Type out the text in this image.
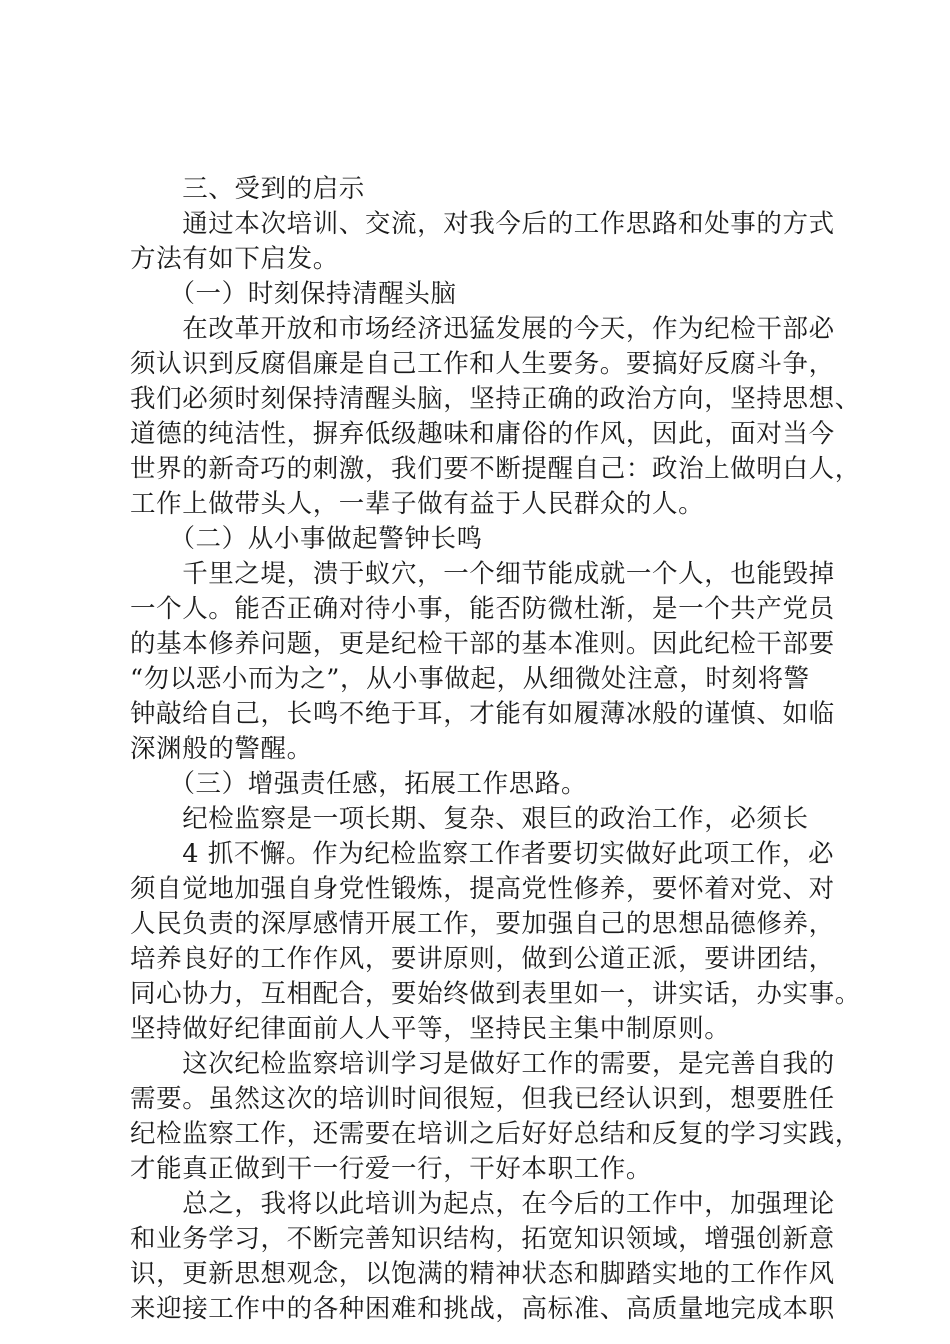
　　三、受到的启示
　　通过本次培训、交流，对我今后的工作思路和处事的方式
方法有如下启发。
　　（一）时刻保持清醒头脑
　　在改革开放和市场经济迅猛发展的今天，作为纪检干部必
须认识到反腐倡廉是自己工作和人生要务。要搞好反腐斗争，
我们必须时刻保持清醒头脑，坚持正确的政治方向，坚持思想、
道德的纯洁性，摒弃低级趣味和庸俗的作风，因此，面对当今
世界的新奇巧的刺激，我们要不断提醒自己：政治上做明白人，
工作上做带头人，一辈子做有益于人民群众的人。
　　（二）从小事做起警钟长鸣
　　千里之堤，溃于蚁穴，一个细节能成就一个人，也能毁掉
一个人。能否正确对待小事，能否防微杜渐，是一个共产党员
的基本修养问题，更是纪检干部的基本准则。因此纪检干部要
“勿以恶小而为之”，从小事做起，从细微处注意，时刻将警
钟敲给自己，长鸣不绝于耳，才能有如履薄冰般的谨慎、如临
深渊般的警醒。
　　（三）增强责任感，拓展工作思路。
　　纪检监察是一项长期、复杂、艰巨的政治工作，必须长
　　4 抓不懈。作为纪检监察工作者要切实做好此项工作，必
须自觉地加强自身党性锻炼，提高党性修养，要怀着对党、对
人民负责的深厚感情开展工作，要加强自己的思想品德修养，
培养良好的工作作风，要讲原则，做到公道正派，要讲团结，
同心协力，互相配合，要始终做到表里如一，讲实话，办实事。
坚持做好纪律面前人人平等，坚持民主集中制原则。
　　这次纪检监察培训学习是做好工作的需要，是完善自我的
需要。虽然这次的培训时间很短，但我已经认识到，想要胜任
纪检监察工作，还需要在培训之后好好总结和反复的学习实践，
才能真正做到干一行爱一行，干好本职工作。
　　总之，我将以此培训为起点，在今后的工作中，加强理论
和业务学习，不断完善知识结构，拓宽知识领域，增强创新意
识，更新思想观念，以饱满的精神状态和脚踏实地的工作作风
来迎接工作中的各种困难和挑战，高标准、高质量地完成本职
